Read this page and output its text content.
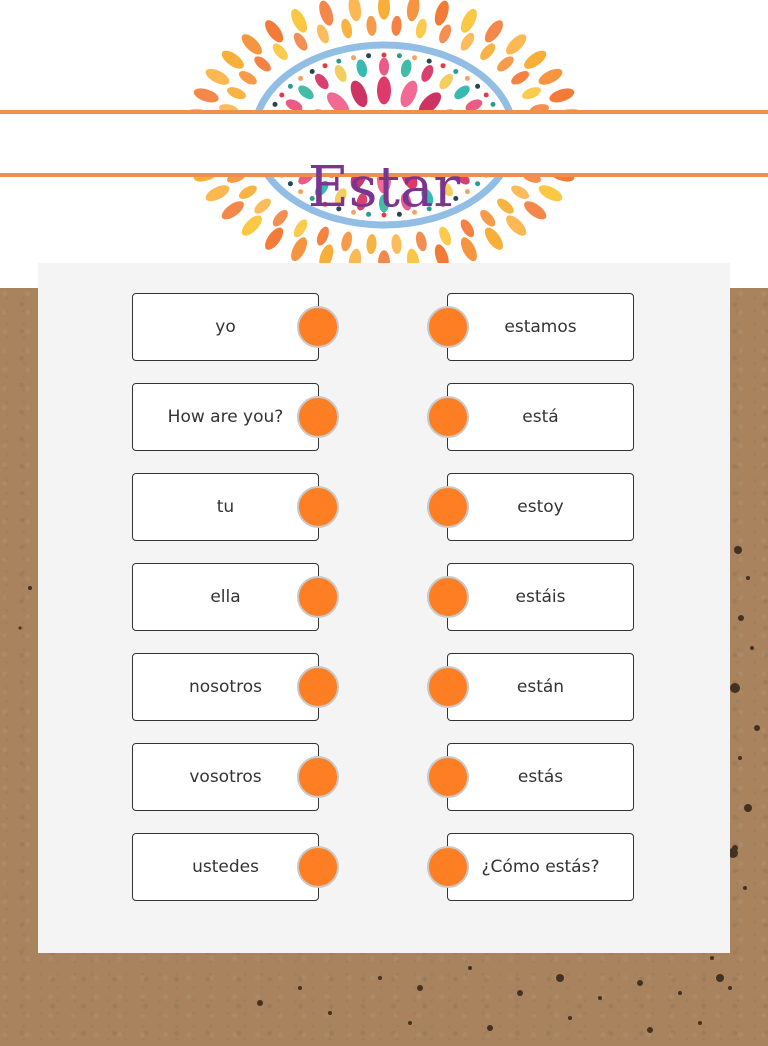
Estar
yo
How are you?
tu
ella
nosotros
vosotros
ustedes
estamos
está
estoy
estáis
están
estás
¿Cómo estás?
